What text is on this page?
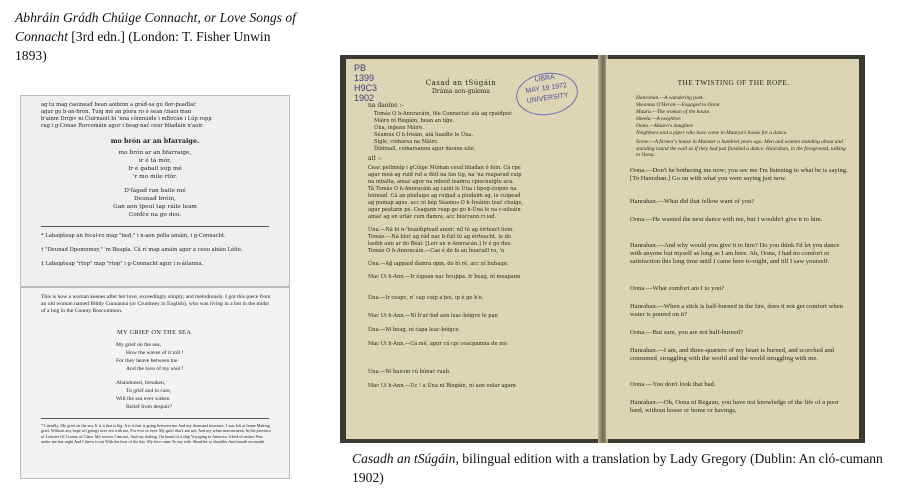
Abhráin Grádh Chúige Connacht, or Love Songs of Connacht [3rd edn.] (London: T. Fisher Unwin 1893)
ag tu mag ċaoineaḋ bean aoibinn a gráḋ-sa gu fíor-ṗeaḋlaċ
agur go b-an-brón. Tuig mé an píora ro ó ṡean ċnaoi ṁan
b'ainm Dríġiv ni Ċuirnaoit bí 'nna cóinnuiḋe i mBoċán i Lúp ropp
rag i g-Conae Rorcomáin agur i beag-nać ceur bliaḋain n'aoir.
mo ḃrón ar an ḃfarraige.
mo ḃrón ar an ḃfarraige,
ir é tá mór,
Ir é gabail ioiṗ mé
'r mo ṁíle rtór.
D'ḟágaḋ ran ḃaile mé
Deunaḋ bróin,
Gan aon tṗeul tap ráile leam
Coiḋċe na go deo.
* Labaipṫeap an focal-ro map "bed," i n-aon ṗolla amáin, i g-Connacht.
† "Deunaḋ Dpomnmoy," 'm Beapla. Cá rí map amáin agur a ceoo abáin Léite.
‡ Labaipṫeap "rtop" map "rtop" i g-Connacht agur i n-áiṫanna.
This is how a woman keenes after her love, exceedingly simply, and melodiously. I got this piece from an old woman named Biddy Cunnanna (or Crummey in English), who was living in a hut in the midst of a bog in the County Roscommon.
MY GRIEF ON THE SEA.
My grief on the sea,
How the waves of it roll !
For they heave between me
And the love of my soul !
Abandoned, forsaken,
To grief and to care,
Will the sea ever waken
Relief from despair?
* Literally, My grief on the sea, It is it that is big. It is it that is going between me And my thousand treasures. I was left at home Making grief, Without any hope of (going) over sea with me, For ever or ever. My grief that I am not, And my white mavourneen, In the province of Leinster Or County of Clare. My sorrow I am not, And my darling, On board of a ship Voyaging to America. A bed of rushes Was under me last night And I threw it out With the heat of the day. My love came To my side, Shoulder to shoulder And mouth on mouth.
PB
1399
H9C3
1902
LIBRA
MAY 19 1972
UNIVERSITY
Casaḋ an tSúgáin
Dráma aon-gníoma
na daoine :-
Tomás O h-Annracáin, file Connaċtaċ atá ag rpaiḋpoċ
Máire ní Riogáin, bean an tíġe.
Úna, inġean Máire.
Séamus O h-Íreáin, atá luaiḋte le Úna.
Sígle, cóṁarsa na Máire.
Ďóṁnall, cóṁarsanna agur daoine eile.
ait :-
Ceac peilmeip i gCúige Múṁan ceuḋ bliaḋan ó foin. Cá rpe
agur mná ag ruiḋ ruṫ a ḋéiṫ na fan tig, na 'na reaparaḋ cuip
na mbalta, amaċ agur na mbeiḋ teaṁra cpiocnuiġṫe aca.
Tá Tomás O h-Annracáin ag caint le Úna i bpoġ-ċoipne na
teineaḋ. Cá an pluḋaipe ag raiġaḋ a pluḋaiṁ ag, le cuipeaḋ
ag pumap agus, acc ni bép Séamus O h-Íreáinn teaċ chuige,
agur peaṫann pé. Ceagann reap go go h-Úna le na c-oileáin
amaċ ag an urlár cum ḋamra, acc ḃioċrann ri ioḋ.
Úna.—Ná bí n-'buaiḋipteaḋ anoir; níl tú ag éirteaċt liom.
Tomás.—Ná bíoċ ag ráḋ nac b-ḟuil tú ag éirteacht, le do
ṫaobh ann ar do Ḃéal: [Leir an n-Annracán.] Ir é go deo.
Tomás O h-Annracáin.—Cao é do bí an ḃuaċaill ro, 'n
Úna.—Ağ ıappaıḋ ḋamra opm, do ḃí ré, acc ní ḃuḃaıpc
Mac Ui h-Ann.—Ir éigean nac ḃcuṗpa. Ir ḃeag, ní meapann
Úna.—Ir ceapc, n' cap cuip a'ṗoi, ıp é go ḃ'e.
Mac Ui h-Ann.—Ní ḃ'aċ-bıḋ aon leac-ḃóigce le pan
Úna.—Ni ḃeag, ní ċapa leac-ḃóigce.
Mac Ui h-Ann.—Cá mé, agur cá cpí ceacpamna de mo
Úna.—Ní ḃaicım cú ḃúnaċ ruaḃ.
Mac Ui h-Ann.—Uc ! a Úna ni Ríoġáin, ní aon eolar agam-
THE TWISTING OF THE ROPE.
Hanrahan.—A wandering poet.
Sheamus O'Heran.—Engaged to Oona.
Maura.—The woman of the house.
Sheela.—A neighbor.
Oona.—Maura's daughter.
Neighbors and a piper who have come to Maurya's house for a dance.
Scene.—A farmer's house in Munster a hundred years ago. Men and women standing about and standing round the wall as if they had just finished a dance. Hanrahan, in the foreground, talking to Oona.
Oona.—Don't be bothering me now; you see me I'm listening to what he is saying. [To Hanrahan.] Go on with what you were saying just now.
Hanrahan.—What did that fellow want of you?
Oona.—He wanted the next dance with me, but I wouldn't give it to him.
Hanrahan.—And why would you give it to him? Do you think I'd let you dance with anyone but myself as long as I am here. Ah, Oona, I had no comfort or satisfaction this long time until I came here to-night, and till I saw yourself.
Oona.—What comfort am I to you?
Hanrahan.—When a stick is half-burned in the fire, does it not get comfort when water is poured on it?
Oona.—But sure, you are not half-burned?
Hanrahan.—I am, and three-quarters of my heart is burned, and scorched and consumed, struggling with the world and the world struggling with me.
Oona.—You don't look that bad.
Hanrahan.—Oh, Oona ni Regaun, you have not knowledge of the life of a poor bard, without house or home or havings,
Casadh an tSúgáin, bilingual edition with a translation by Lady Gregory (Dublin: An cló-cumann 1902)
